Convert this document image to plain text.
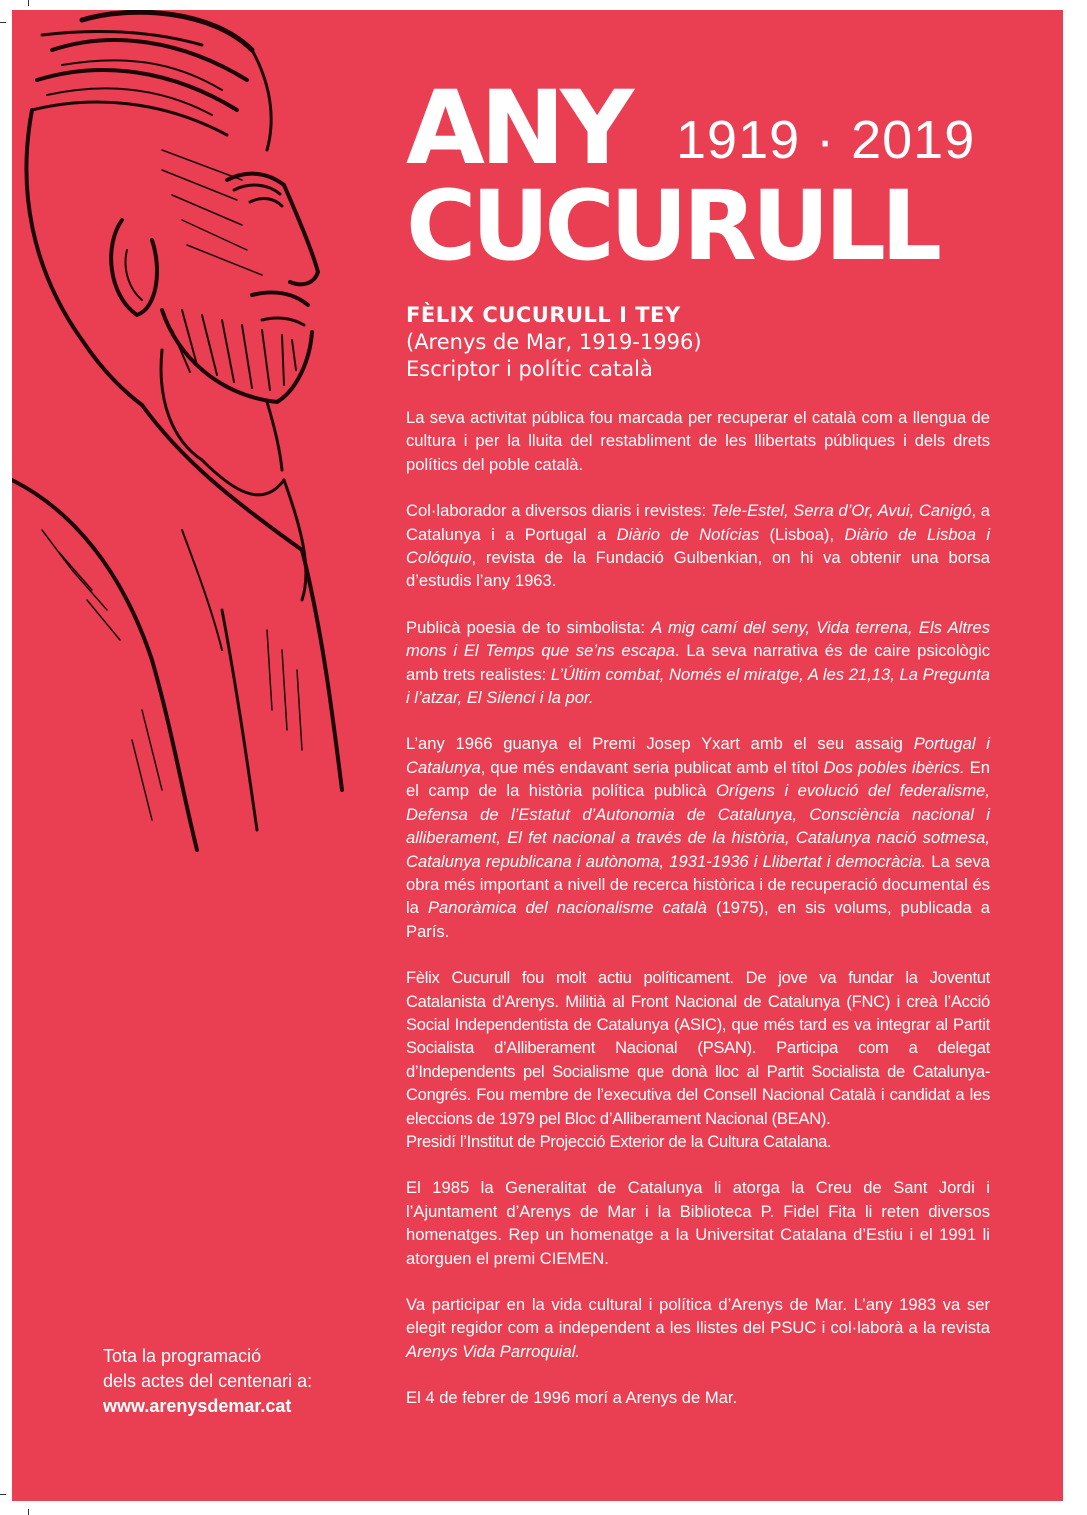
ANY 1919 · 2019
CUCURULL
FÈLIX CUCURULL I TEY
(Arenys de Mar, 1919-1996)
Escriptor i polític català

La seva activitat pública fou marcada per recuperar el català com a llengua de cultura i per la lluita del restabliment de les llibertats públiques i dels drets polítics del poble català.

Col·laborador a diversos diaris i revistes: Tele-Estel, Serra d’Or, Avui, Canigó, a Catalunya i a Portugal a Diàrio de Notícias (Lisboa), Diàrio de Lisboa i Colóquio, revista de la Fundació Gulbenkian, on hi va obtenir una borsa d’estudis l’any 1963.

Publicà poesia de to simbolista: A mig camí del seny, Vida terrena, Els Altres mons i El Temps que se’ns escapa. La seva narrativa és de caire psicològic amb trets realistes: L’Últim combat, Només el miratge, A les 21,13, La Pregunta i l’atzar, El Silenci i la por.

L’any 1966 guanya el Premi Josep Yxart amb el seu assaig Portugal i Catalunya, que més endavant seria publicat amb el títol Dos pobles ibèrics. En el camp de la història política publicà Orígens i evolució del federalisme, Defensa de l’Estatut d’Autonomia de Catalunya, Consciència nacional i alliberament, El fet nacional a través de la història, Catalunya nació sotmesa, Catalunya republicana i autònoma, 1931-1936 i Llibertat i democràcia. La seva obra més important a nivell de recerca històrica i de recuperació documental és la Panoràmica del nacionalisme català (1975), en sis volums, publicada a París.

Fèlix Cucurull fou molt actiu políticament. De jove va fundar la Joventut Catalanista d’Arenys. Militià al Front Nacional de Catalunya (FNC) i creà l’Acció Social Independentista de Catalunya (ASIC), que més tard es va integrar al Partit Socialista d’Alliberament Nacional (PSAN). Participa com a delegat d’Independents pel Socialisme que donà lloc al Partit Socialista de Catalunya-Congrés. Fou membre de l’executiva del Consell Nacional Català i candidat a les eleccions de 1979 pel Bloc d’Alliberament Nacional (BEAN).

Presidí l’Institut de Projecció Exterior de la Cultura Catalana.

El 1985 la Generalitat de Catalunya li atorga la Creu de Sant Jordi i l’Ajuntament d’Arenys de Mar i la Biblioteca P. Fidel Fita li reten diversos homenatges. Rep un homenatge a la Universitat Catalana d’Estiu i el 1991 li atorguen el premi CIEMEN.

Va participar en la vida cultural i política d’Arenys de Mar. L’any 1983 va ser elegit regidor com a independent a les llistes del PSUC i col·laborà a la revista Arenys Vida Parroquial.

El 4 de febrer de 1996 morí a Arenys de Mar.

Tota la programació
dels actes del centenari a:
www.arenysdemar.cat
